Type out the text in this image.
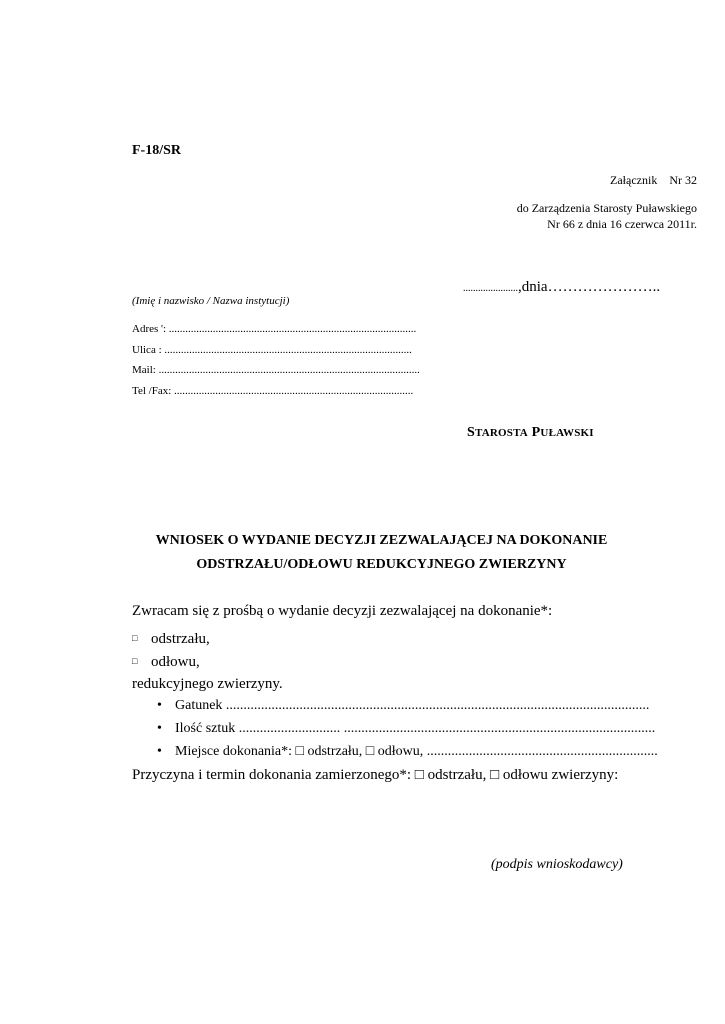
F-18/SR
Załącznik Nr 32
do Zarządzenia Starosty Puławskiego
Nr 66 z dnia 16 czerwca 2011r.
......................,dnia…………………..
(Imię i nazwisko / Nazwa instytucji)
Adres ': ..........................................................................................
Ulica : ..........................................................................................
Mail: ...............................................................................................
Tel /Fax: .......................................................................................
STAROSTA PUŁAWSKI
WNIOSEK O WYDANIE DECYZJI ZEZWALAJĄCEJ NA DOKONANIE
ODSTRZAŁU/ODŁOWU REDUKCYJNEGO ZWIERZYNY
Zwracam się z prośbą o wydanie decyzji zezwalającej na dokonanie*:
□ odstrzału,
□ odłowu,
redukcyjnego zwierzyny.
• Gatunek .........................................................................................................................
• Ilość sztuk ............................. .........................................................................................
• Miejsce dokonania*: □ odstrzału, □ odłowu, ..................................................................
Przyczyna i termin dokonania zamierzonego*: □ odstrzału, □ odłowu zwierzyny:
(podpis wnioskodawcy)
